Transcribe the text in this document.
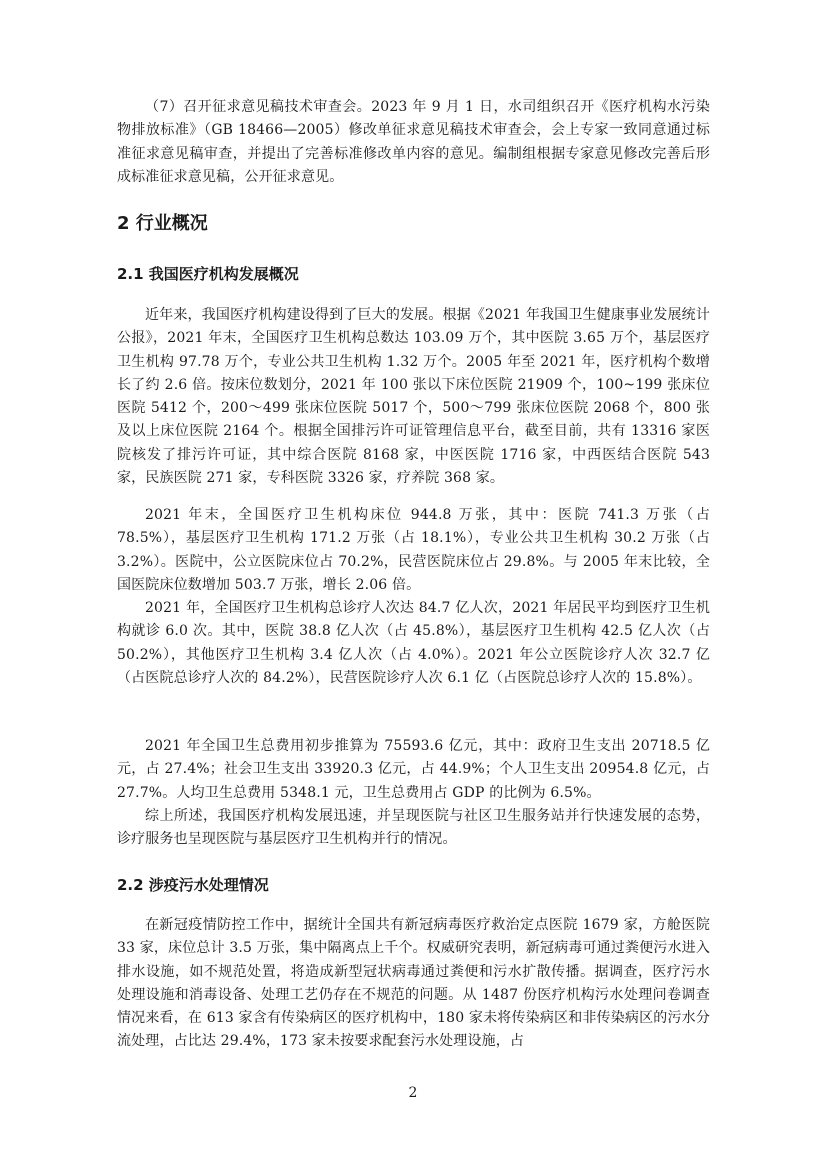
（7）召开征求意见稿技术审查会。2023 年 9 月 1 日，水司组织召开《医疗机构水污染物排放标准》（GB 18466—2005）修改单征求意见稿技术审查会，会上专家一致同意通过标准征求意见稿审查，并提出了完善标准修改单内容的意见。编制组根据专家意见修改完善后形成标准征求意见稿，公开征求意见。

2 行业概况
2.1 我国医疗机构发展概况

近年来，我国医疗机构建设得到了巨大的发展。根据《2021 年我国卫生健康事业发展统计公报》，2021 年末，全国医疗卫生机构总数达 103.09 万个，其中医院 3.65 万个，基层医疗卫生机构 97.78 万个，专业公共卫生机构 1.32 万个。2005 年至 2021 年，医疗机构个数增长了约 2.6 倍。按床位数划分，2021 年 100 张以下床位医院 21909 个，100~199 张床位医院 5412 个，200～499 张床位医院 5017 个，500～799 张床位医院 2068 个，800 张及以上床位医院 2164 个。根据全国排污许可证管理信息平台，截至目前，共有 13316 家医院核发了排污许可证，其中综合医院 8168 家，中医医院 1716 家，中西医结合医院 543 家，民族医院 271 家，专科医院 3326 家，疗养院 368 家。

2021 年末，全国医疗卫生机构床位 944.8 万张，其中：医院 741.3 万张（占 78.5%），基层医疗卫生机构 171.2 万张（占 18.1%），专业公共卫生机构 30.2 万张（占 3.2%）。医院中，公立医院床位占 70.2%，民营医院床位占 29.8%。与 2005 年末比较，全国医院床位数增加 503.7 万张，增长 2.06 倍。

2021 年，全国医疗卫生机构总诊疗人次达 84.7 亿人次，2021 年居民平均到医疗卫生机构就诊 6.0 次。其中，医院 38.8 亿人次（占 45.8%），基层医疗卫生机构 42.5 亿人次（占 50.2%），其他医疗卫生机构 3.4 亿人次（占 4.0%）。2021 年公立医院诊疗人次 32.7 亿（占医院总诊疗人次的 84.2%），民营医院诊疗人次 6.1 亿（占医院总诊疗人次的 15.8%）。

2021 年全国卫生总费用初步推算为 75593.6 亿元，其中：政府卫生支出 20718.5 亿元，占 27.4%；社会卫生支出 33920.3 亿元，占 44.9%；个人卫生支出 20954.8 亿元，占 27.7%。人均卫生总费用 5348.1 元，卫生总费用占 GDP 的比例为 6.5%。

综上所述，我国医疗机构发展迅速，并呈现医院与社区卫生服务站并行快速发展的态势，诊疗服务也呈现医院与基层医疗卫生机构并行的情况。

2.2 涉疫污水处理情况

在新冠疫情防控工作中，据统计全国共有新冠病毒医疗救治定点医院 1679 家，方舱医院 33 家，床位总计 3.5 万张，集中隔离点上千个。权威研究表明，新冠病毒可通过粪便污水进入排水设施，如不规范处置，将造成新型冠状病毒通过粪便和污水扩散传播。据调查，医疗污水处理设施和消毒设备、处理工艺仍存在不规范的问题。从 1487 份医疗机构污水处理问卷调查情况来看，在 613 家含有传染病区的医疗机构中，180 家未将传染病区和非传染病区的污水分流处理，占比达 29.4%，173 家未按要求配套污水处理设施，占

2
